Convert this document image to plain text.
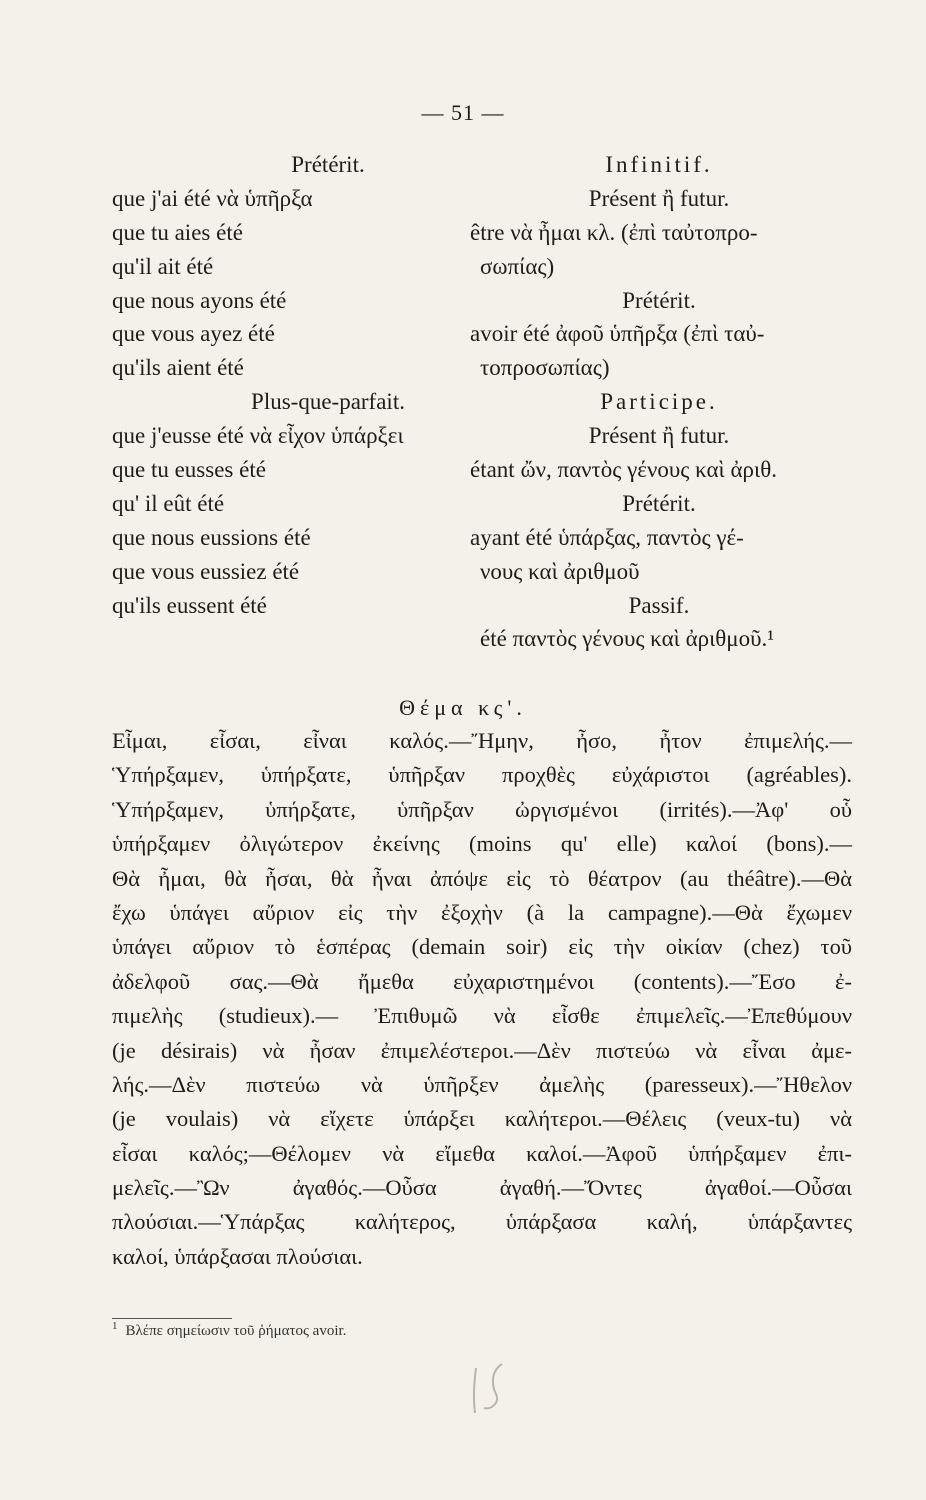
— 51 —
Prétérit.
que j'ai été νὰ ὑπῆρξα
que tu aies été
qu'il ait été
que nous ayons été
que vous ayez été
qu'ils aient été
Plus-que-parfait.
que j'eusse été νὰ εἶχον ὑπάρξει
que tu eusses été
qu' il eût été
que nous eussions été
que vous eussiez été
qu'ils eussent été
Infinitif.
Présent ἢ futur.
être νὰ ἦμαι κλ. (ἐπὶ ταὐτοπρο-
σωπίας)
Prétérit.
avoir été ἀφοῦ ὑπῆρξα (ἐπὶ ταὐ-
τοπροσωπίας)
Participe.
Présent ἢ futur.
étant ὤν, παντὸς γένους καὶ ἀριθ.
Prétérit.
ayant été ὑπάρξας, παντὸς γέ-
νους καὶ ἀριθμοῦ
Passif.
été παντὸς γένους καὶ ἀριθμοῦ.¹
Θέμα κς'.
Εἶμαι, εἶσαι, εἶναι καλός.—Ἤμην, ἦσο, ἦτον ἐπιμελής.—
Ὑπήρξαμεν, ὑπήρξατε, ὑπῆρξαν προχθὲς εὐχάριστοι (agréables).
Ὑπήρξαμεν, ὑπήρξατε, ὑπῆρξαν ὠργισμένοι (irrités).—Ἀφ' οὗ
ὑπήρξαμεν ὀλιγώτερον ἐκείνης (moins qu' elle) καλοί (bons).—
Θὰ ἦμαι, θὰ ἦσαι, θὰ ἦναι ἀπόψε εἰς τὸ θέατρον (au théâtre).—Θὰ
ἔχω ὑπάγει αὔριον εἰς τὴν ἐξοχὴν (à la campagne).—Θὰ ἔχωμεν
ὑπάγει αὔριον τὸ ἑσπέρας (demain soir) εἰς τὴν οἰκίαν (chez) τοῦ
ἀδελφοῦ σας.—Θὰ ἤμεθα εὐχαριστημένοι (contents).—Ἔσο ἐ-
πιμελὴς (studieux).— Ἐπιθυμῶ νὰ εἶσθε ἐπιμελεῖς.—Ἐπεθύμουν
(je désirais) νὰ ἦσαν ἐπιμελέστεροι.—Δὲν πιστεύω νὰ εἶναι ἀμε-
λής.—Δὲν πιστεύω νὰ ὑπῆρξεν ἀμελὴς (paresseux).—Ἤθελον
(je voulais) νὰ εἴχετε ὑπάρξει καλήτεροι.—Θέλεις (veux-tu) νὰ
εἶσαι καλός;—Θέλομεν νὰ εἴμεθα καλοί.—Ἀφοῦ ὑπήρξαμεν ἐπι-
μελεῖς.—Ὢν ἀγαθός.—Οὖσα ἀγαθή.—Ὄντες ἀγαθοί.—Οὖσαι
πλούσιαι.—Ὑπάρξας καλήτερος, ὑπάρξασα καλή, ὑπάρξαντες
καλοί, ὑπάρξασαι πλούσιαι.
$^1$ Βλέπε σημείωσιν τοῦ ῥήματος avoir.
